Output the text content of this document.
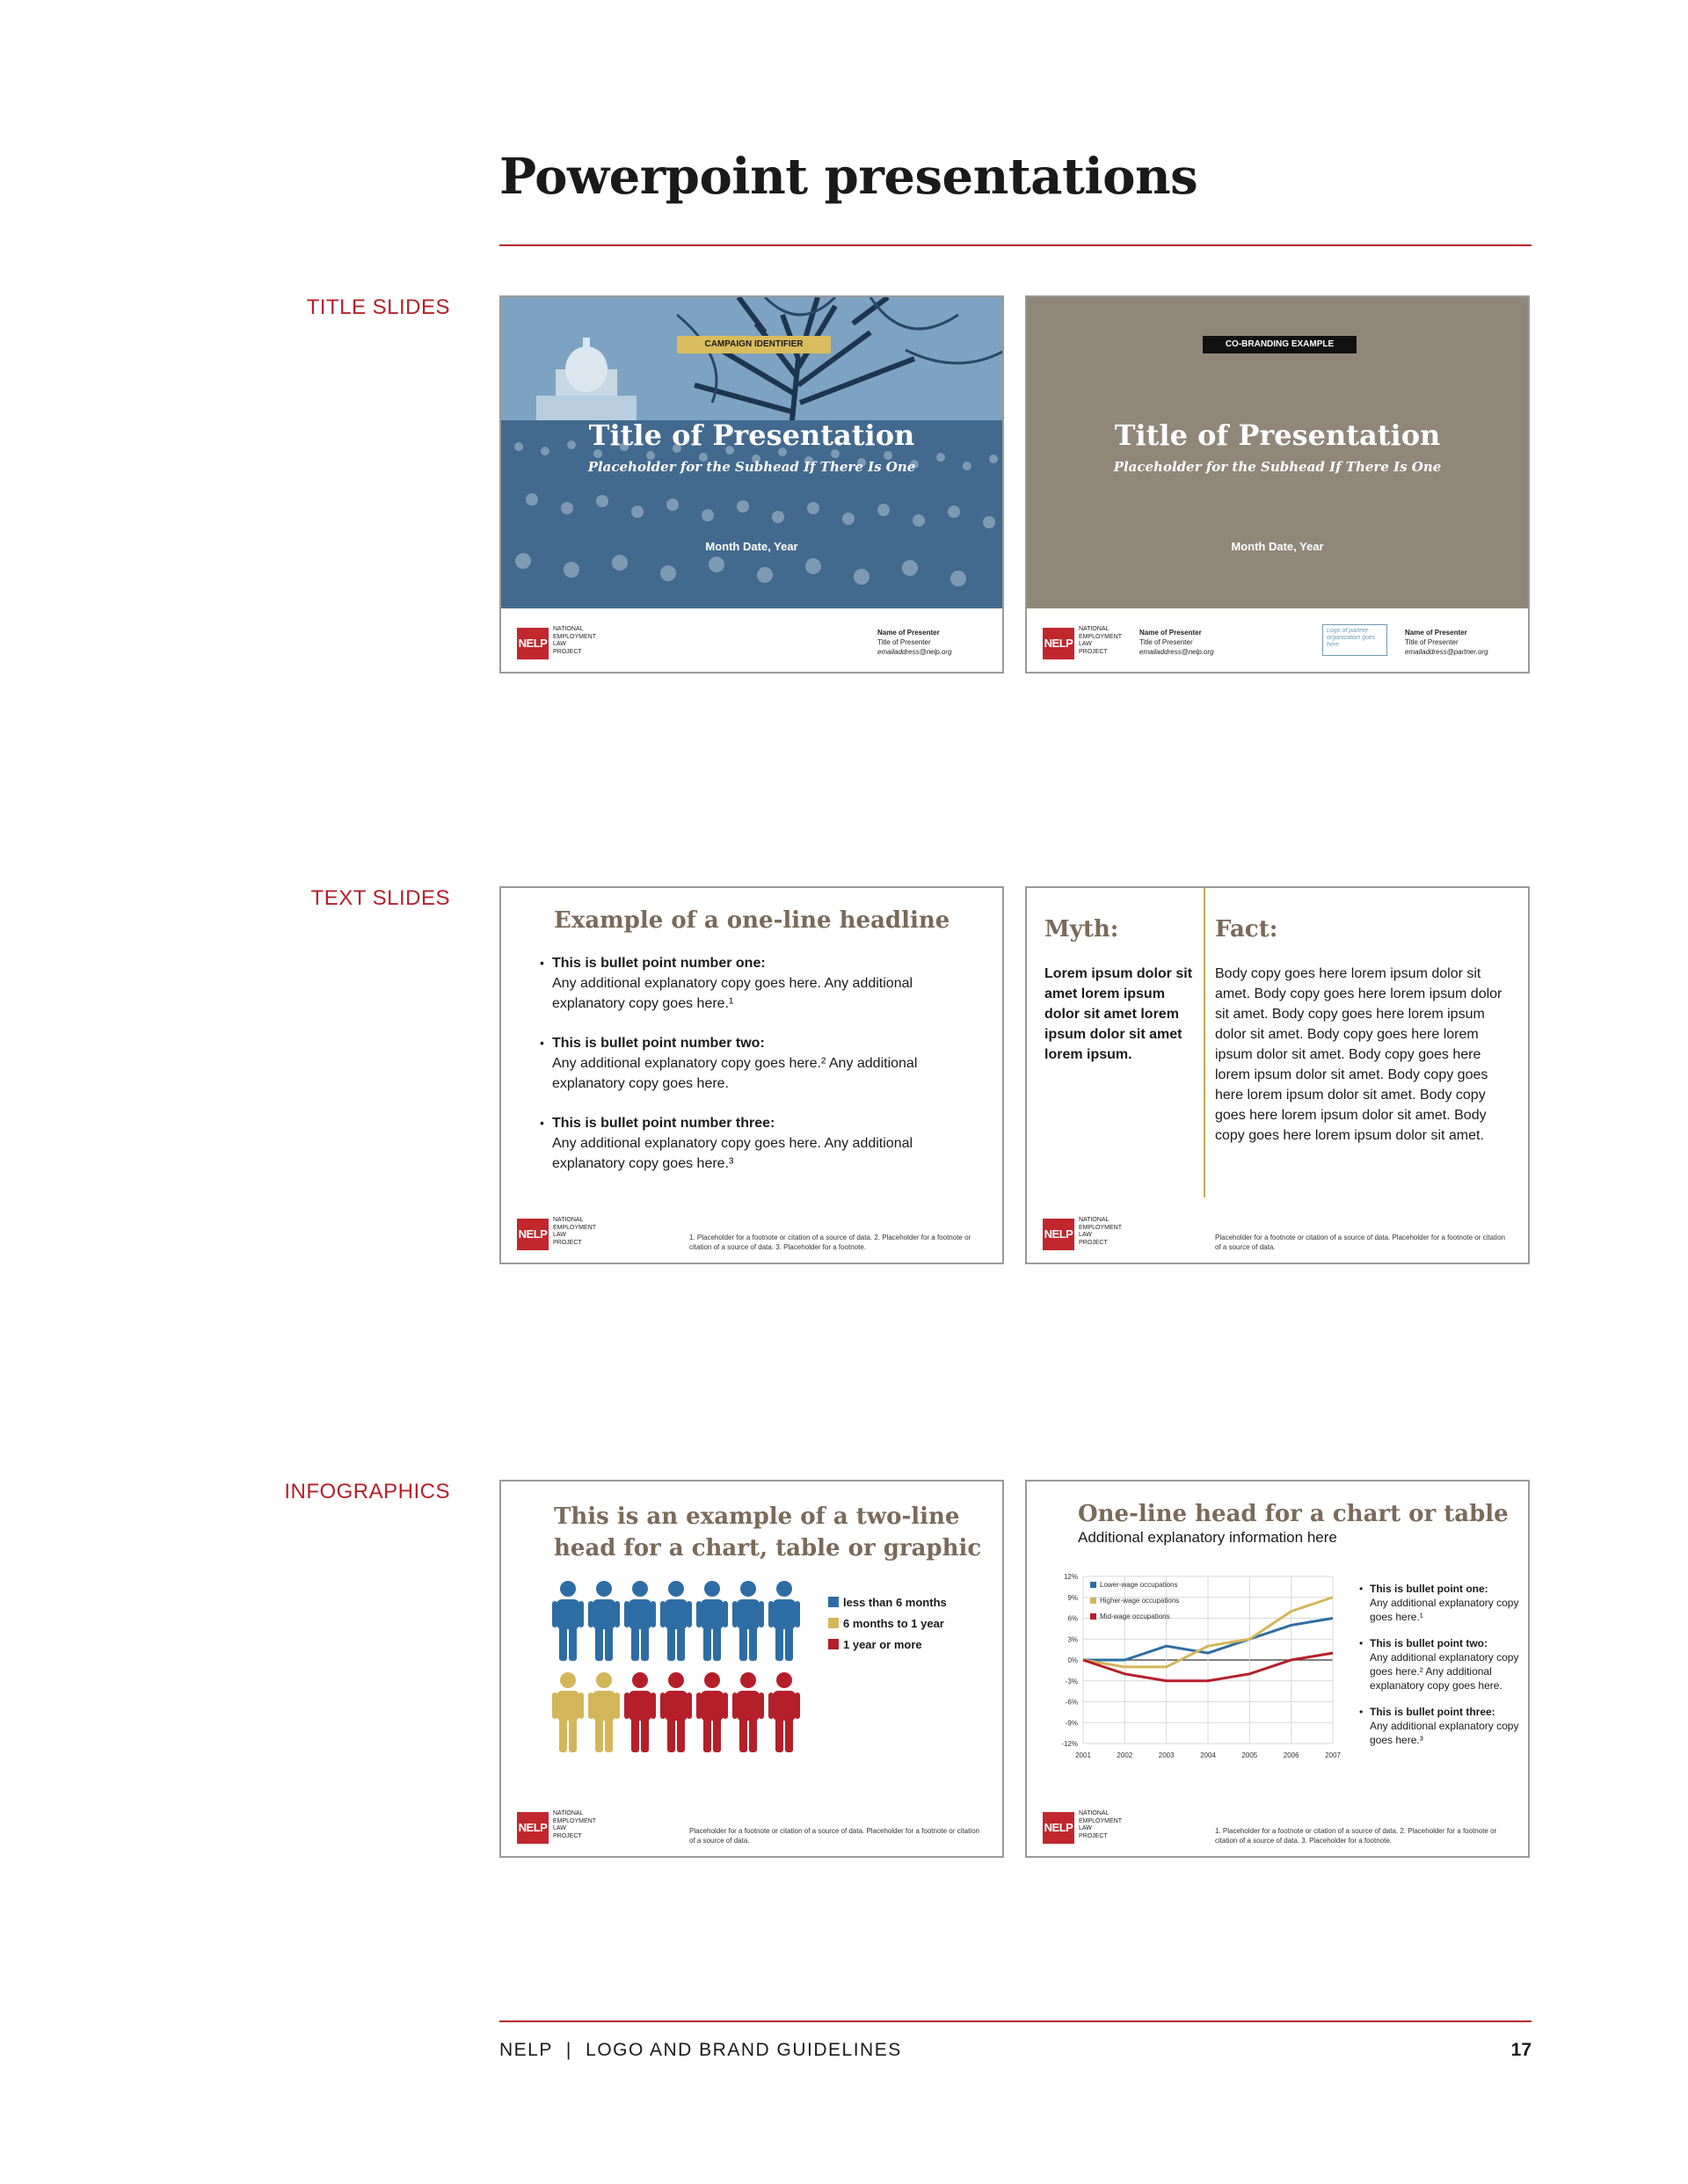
Powerpoint presentations
TITLE SLIDES
TEXT SLIDES
INFOGRAPHICS
CAMPAIGN IDENTIFIER
Title of Presentation
Placeholder for the Subhead If There Is One
Month Date, Year
NELP
NATIONAL
EMPLOYMENT
LAW
PROJECT
Name of Presenter
Title of Presenter
emailaddress@nelp.org
CO-BRANDING EXAMPLE
Title of Presentation
Placeholder for the Subhead If There Is One
Month Date, Year
NELP
NATIONAL
EMPLOYMENT
LAW
PROJECT
Name of Presenter
Title of Presenter
emailaddress@nelp.org
Logo of partner organization goes here
Name of Presenter
Title of Presenter
emailaddress@partner.org
Example of a one-line headline
• This is bullet point number one:
Any additional explanatory copy goes here. Any additional explanatory copy goes here.¹
• This is bullet point number two:
Any additional explanatory copy goes here.² Any additional explanatory copy goes here.
• This is bullet point number three:
Any additional explanatory copy goes here. Any additional explanatory copy goes here.³
NELP
NATIONAL
EMPLOYMENT
LAW
PROJECT
1. Placeholder for a footnote or citation of a source of data. 2. Placeholder for a footnote or citation of a source of data. 3. Placeholder for a footnote.
Myth:	Fact:
Lorem ipsum dolor sit amet lorem ipsum dolor sit amet lorem ipsum dolor sit amet lorem ipsum.
Body copy goes here lorem ipsum dolor sit amet. Body copy goes here lorem ipsum dolor sit amet. Body copy goes here lorem ipsum dolor sit amet. Body copy goes here lorem ipsum dolor sit amet. Body copy goes here lorem ipsum dolor sit amet. Body copy goes here lorem ipsum dolor sit amet. Body copy goes here lorem ipsum dolor sit amet. Body copy goes here lorem ipsum dolor sit amet.
NELP
NATIONAL
EMPLOYMENT
LAW
PROJECT
Placeholder for a footnote or citation of a source of data. Placeholder for a footnote or citation of a source of data.
This is an example of a two-line
head for a chart, table or graphic
less than 6 months
6 months to 1 year
1 year or more
NELP
NATIONAL
EMPLOYMENT
LAW
PROJECT
Placeholder for a footnote or citation of a source of data. Placeholder for a footnote or citation of a source of data.
One-line head for a chart or table
Additional explanatory information here
12%
9%
6%
3%
0%
-3%
-6%
-9%
-12%
2001	2002	2003	2004	2005	2006	2007
Lower-wage occupations
Higher-wage occupations
Mid-wage occupations
• This is bullet point one:
Any additional explanatory copy goes here.¹
• This is bullet point two:
Any additional explanatory copy goes here.² Any additional explanatory copy goes here.
• This is bullet point three:
Any additional explanatory copy goes here.³
NELP
NATIONAL
EMPLOYMENT
LAW
PROJECT
1. Placeholder for a footnote or citation of a source of data. 2. Placeholder for a footnote or citation of a source of data. 3. Placeholder for a footnote.
NELP | LOGO AND BRAND GUIDELINES	17
